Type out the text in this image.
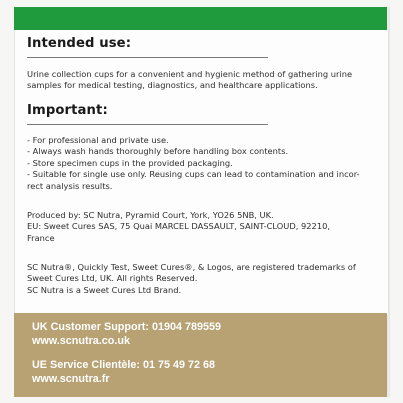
Intended use:

Urine collection cups for a convenient and hygienic method of gathering urine
samples for medical testing, diagnostics, and healthcare applications.

Important:

- For professional and private use.
- Always wash hands thoroughly before handling box contents.
- Store specimen cups in the provided packaging.
- Suitable for single use only. Reusing cups can lead to contamination and incor-
rect analysis results.

Produced by: SC Nutra, Pyramid Court, York, YO26 5NB, UK.
EU: Sweet Cures SAS, 75 Quai MARCEL DASSAULT, SAINT-CLOUD, 92210,
France

SC Nutra®, Quickly Test, Sweet Cures®, & Logos, are registered trademarks of
Sweet Cures Ltd, UK. All rights Reserved.
SC Nutra is a Sweet Cures Ltd Brand.

UK Customer Support: 01904 789559
www.scnutra.co.uk

UE Service Clientèle: 01 75 49 72 68
www.scnutra.fr
